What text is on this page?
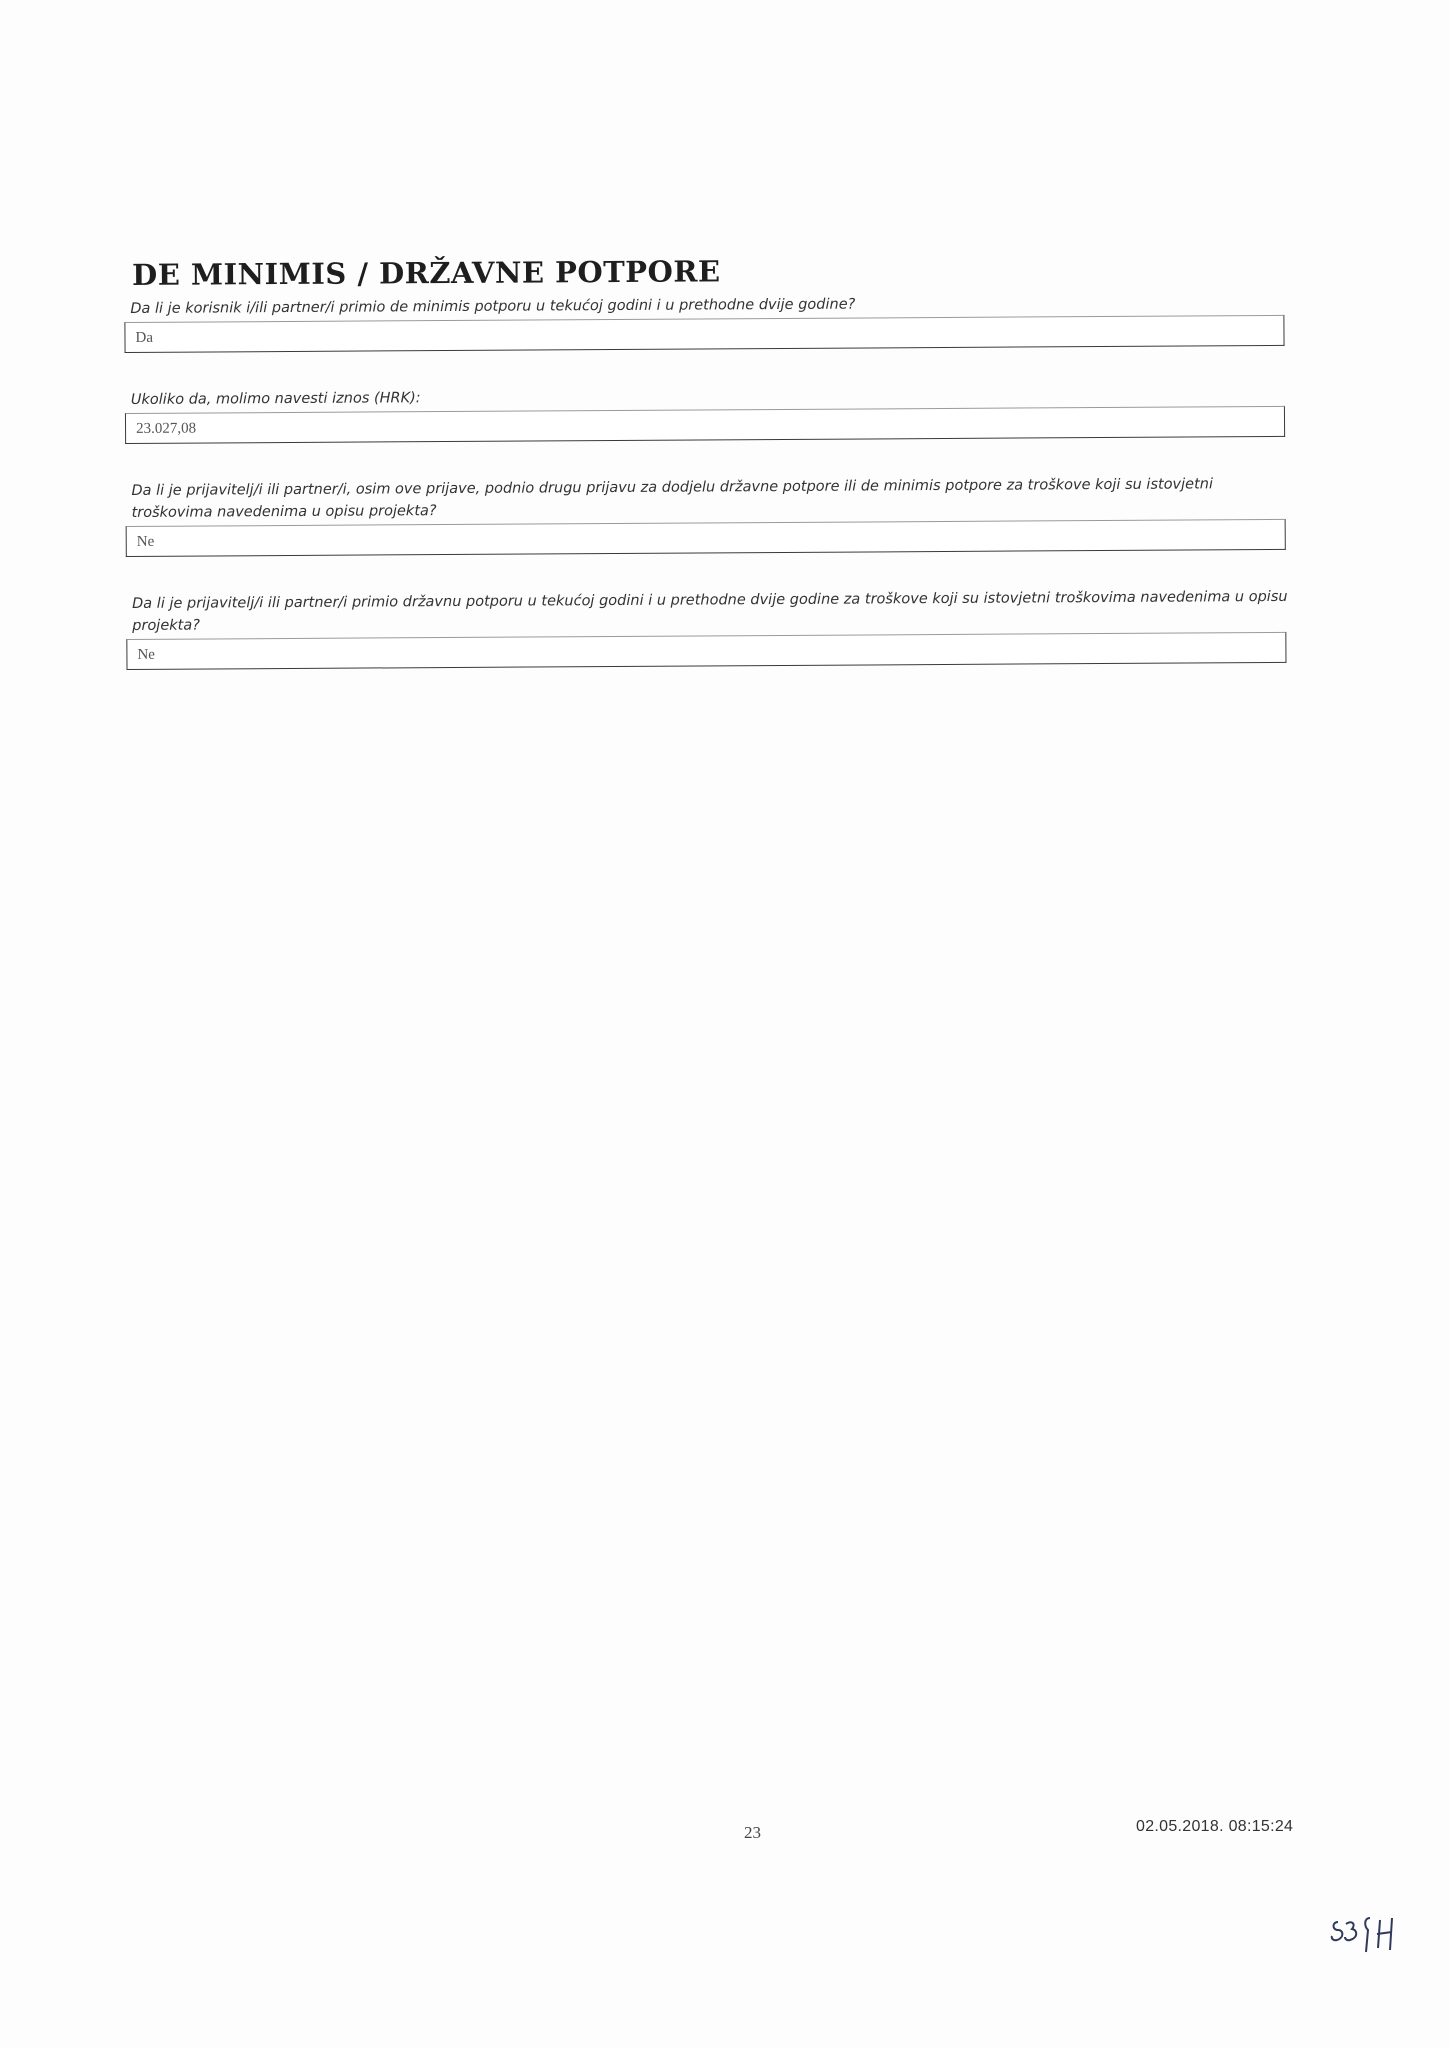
DE MINIMIS / DRŽAVNE POTPORE
Da li je korisnik i/ili partner/i primio de minimis potporu u tekućoj godini i u prethodne dvije godine?
Da
Ukoliko da, molimo navesti iznos (HRK):
23.027,08
Da li je prijavitelj/i ili partner/i, osim ove prijave, podnio drugu prijavu za dodjelu državne potpore ili de minimis potpore za troškove koji su istovjetni troškovima navedenima u opisu projekta?
Ne
Da li je prijavitelj/i ili partner/i primio državnu potporu u tekućoj godini i u prethodne dvije godine za troškove koji su istovjetni troškovima navedenima u opisu projekta?
Ne
23	02.05.2018. 08:15:24
